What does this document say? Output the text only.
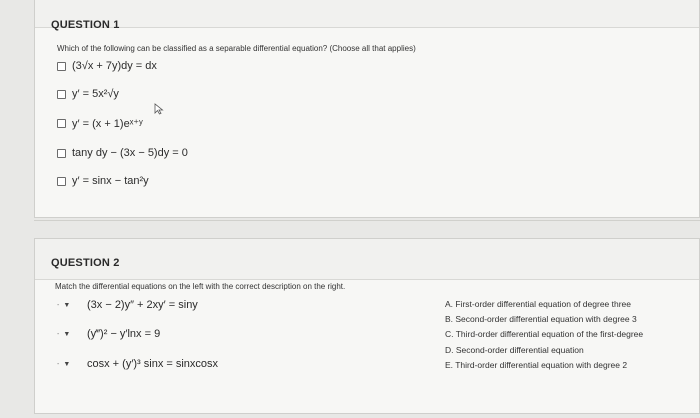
QUESTION 1
Which of the following can be classified as a separable differential equation? (Choose all that applies)
(3√x + 7y)dy = dx
y′ = 5x²√y
y′ = (x + 1)eˣ⁺ʸ
tany dy − (3x − 5)dy = 0
y′ = sinx − tan²y
QUESTION 2
Match the differential equations on the left with the correct description on the right.
- ▼ (3x − 2)y″ + 2xy′ = siny
- ▼ (y‴)² − y′lnx = 9
- ▼ cosx + (y′)³ sinx = sinxcosx
A. First-order differential equation of degree three
B. Second-order differential equation with degree 3
C. Third-order differential equation of the first-degree
D. Second-order differential equation
E. Third-order differential equation with degree 2
